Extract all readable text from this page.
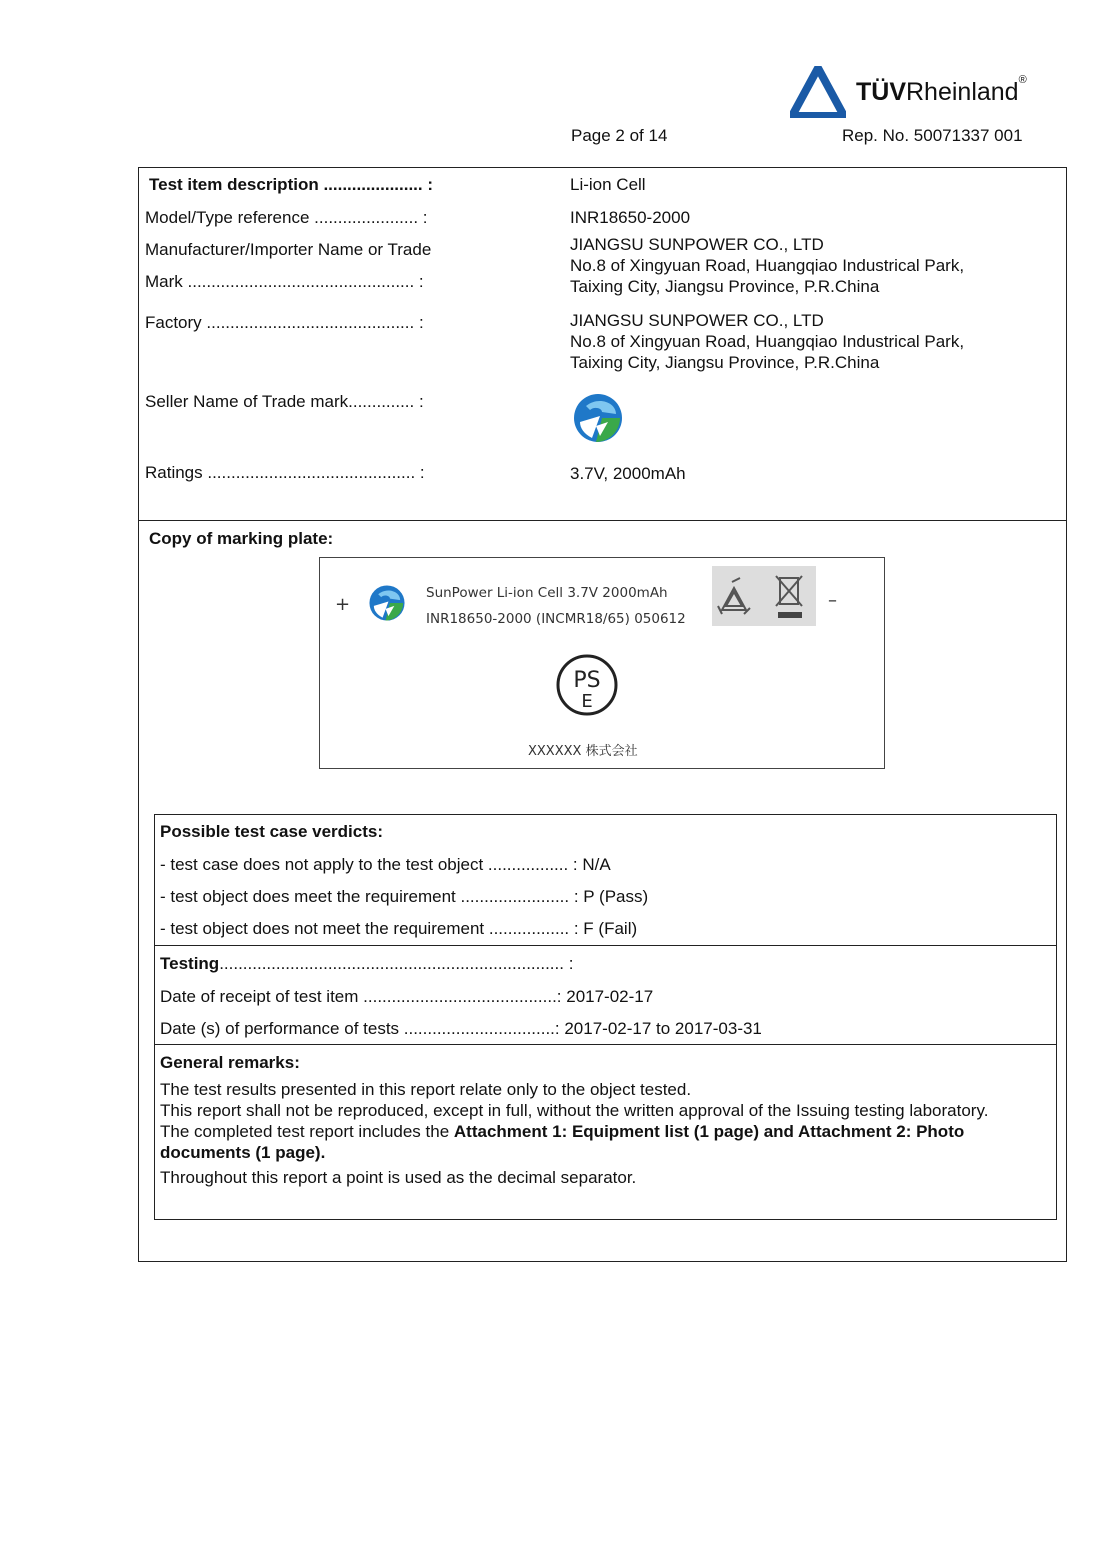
TÜVRheinland®
Page 2 of 14	Rep. No. 50071337 001
Test item description ..................... :	Li-ion Cell
Model/Type reference ...................... :	INR18650-2000
Manufacturer/Importer Name or Trade
Mark ................................................ :
JIANGSU SUNPOWER CO., LTD
No.8 of Xingyuan Road, Huangqiao Industrical Park,
Taixing City, Jiangsu Province, P.R.China
Factory ............................................ :	JIANGSU SUNPOWER CO., LTD
No.8 of Xingyuan Road, Huangqiao Industrical Park,
Taixing City, Jiangsu Province, P.R.China
Seller Name of Trade mark.............. :
Ratings ............................................ :	3.7V, 2000mAh
Copy of marking plate:
+
SunPower Li-ion Cell 3.7V 2000mAh
INR18650-2000 (INCMR18/65) 050612
–
PS
E
XXXXXX 株式会社
Possible test case verdicts:
- test case does not apply to the test object ................. : N/A
- test object does meet the requirement ....................... : P (Pass)
- test object does not meet the requirement ................. : F (Fail)
Testing......................................................................... :
Date of receipt of test item .........................................: 2017-02-17
Date (s) of performance of tests ................................: 2017-02-17 to 2017-03-31
General remarks:
The test results presented in this report relate only to the object tested.
This report shall not be reproduced, except in full, without the written approval of the Issuing testing laboratory.
The completed test report includes the Attachment 1: Equipment list (1 page) and Attachment 2: Photo documents (1 page).
Throughout this report a point is used as the decimal separator.
